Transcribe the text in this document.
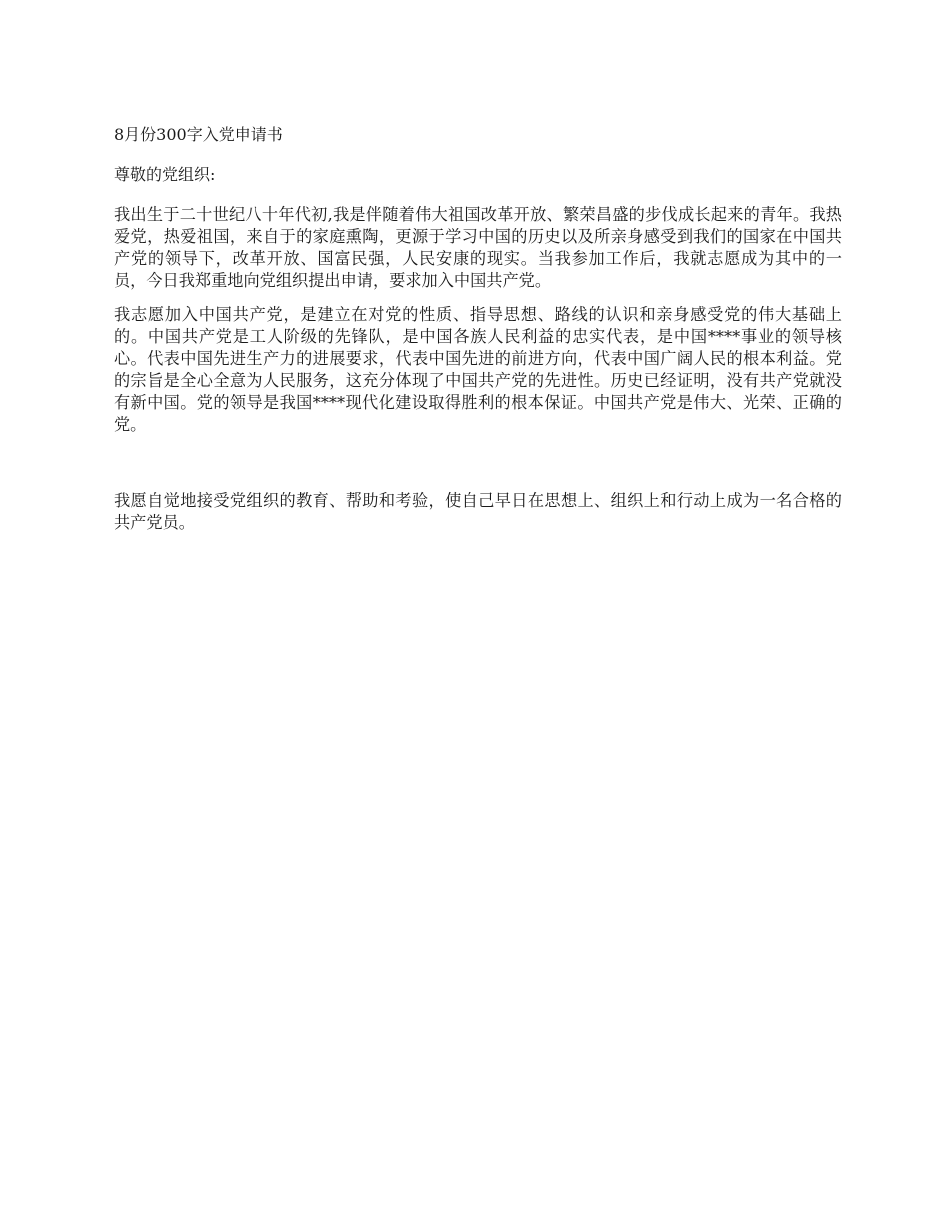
8月份300字入党申请书

尊敬的党组织:

我出生于二十世纪八十年代初,我是伴随着伟大祖国改革开放、繁荣昌盛的步伐成长起来的青年。我热爱党，热爱祖国，来自于的家庭熏陶，更源于学习中国的历史以及所亲身感受到我们的国家在中国共产党的领导下，改革开放、国富民强，人民安康的现实。当我参加工作后，我就志愿成为其中的一员，今日我郑重地向党组织提出申请，要求加入中国共产党。

我志愿加入中国共产党，是建立在对党的性质、指导思想、路线的认识和亲身感受党的伟大基础上的。中国共产党是工人阶级的先锋队，是中国各族人民利益的忠实代表，是中国****事业的领导核心。代表中国先进生产力的进展要求，代表中国先进的前进方向，代表中国广阔人民的根本利益。党的宗旨是全心全意为人民服务，这充分体现了中国共产党的先进性。历史已经证明，没有共产党就没有新中国。党的领导是我国****现代化建设取得胜利的根本保证。中国共产党是伟大、光荣、正确的党。

我愿自觉地接受党组织的教育、帮助和考验，使自己早日在思想上、组织上和行动上成为一名合格的共产党员。
